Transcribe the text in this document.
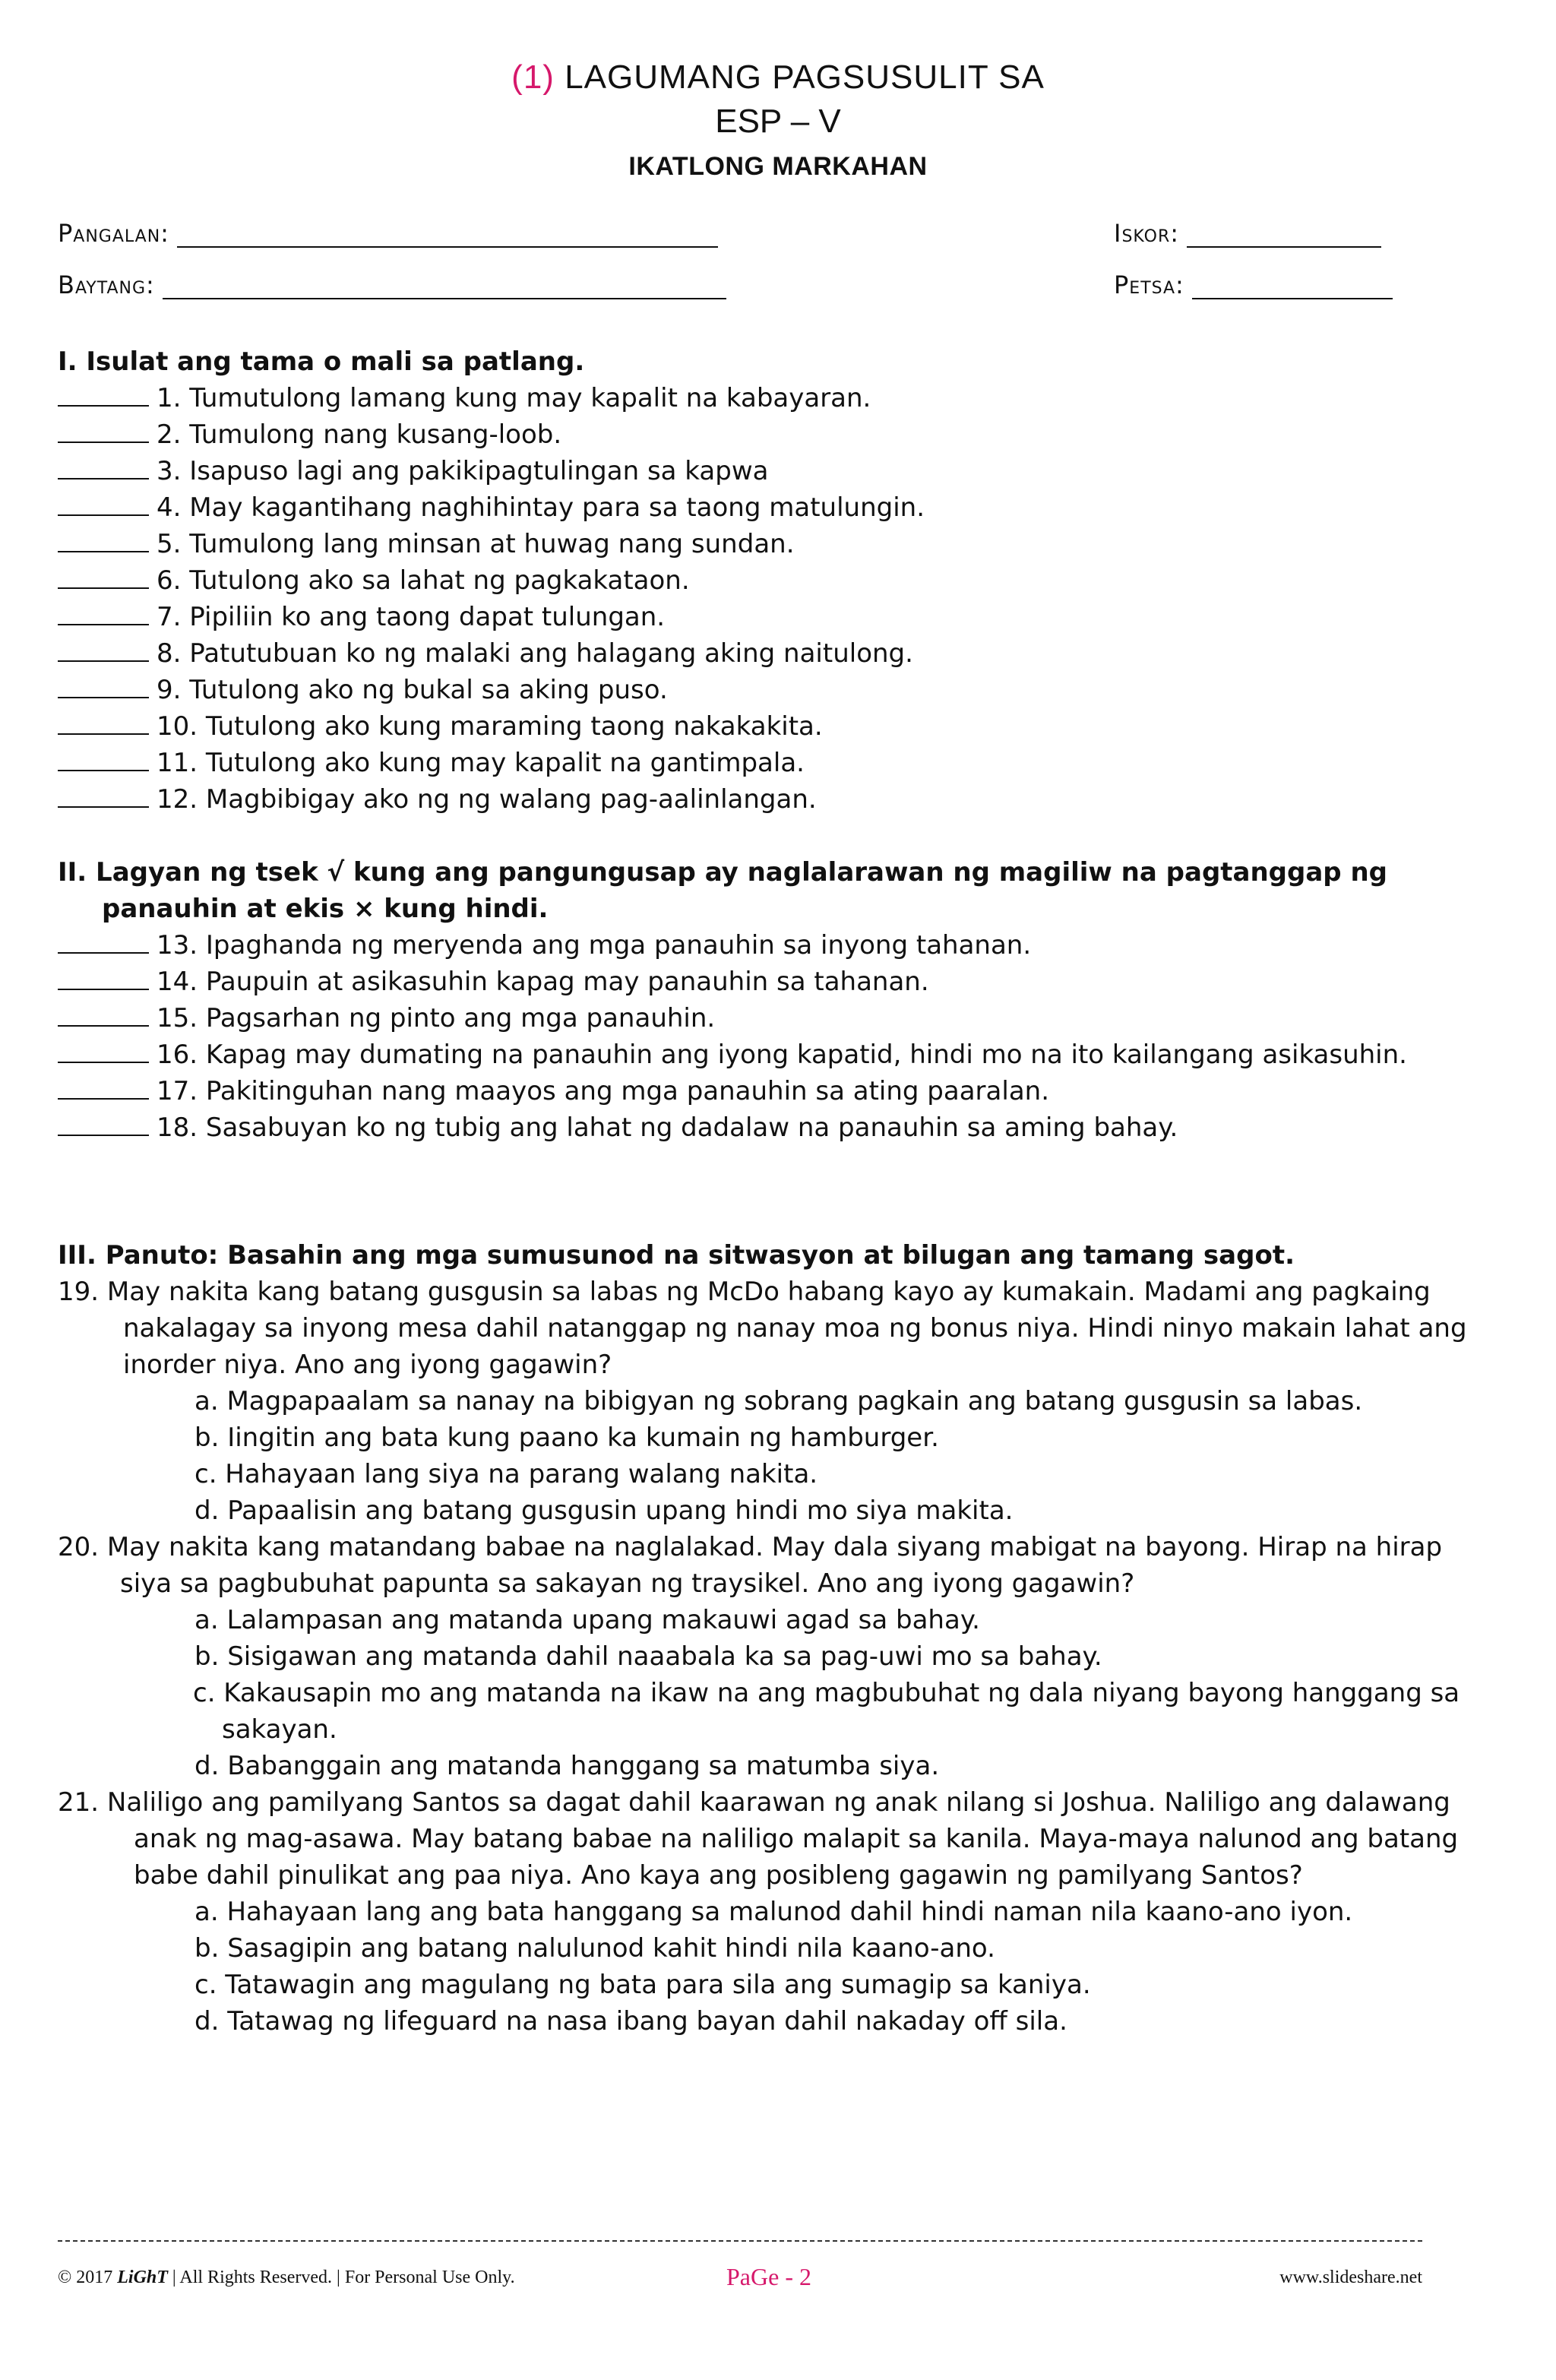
(1) LAGUMANG PAGSUSULIT SA
ESP – V
IKATLONG MARKAHAN
Pangalan:
Baytang:
Iskor:
Petsa:
I. Isulat ang tama o mali sa patlang.
1. Tumutulong lamang kung may kapalit na kabayaran.
2. Tumulong nang kusang-loob.
3. Isapuso lagi ang pakikipagtulingan sa kapwa
4. May kagantihang naghihintay para sa taong matulungin.
5. Tumulong lang minsan at huwag nang sundan.
6. Tutulong ako sa lahat ng pagkakataon.
7. Pipiliin ko ang taong dapat tulungan.
8. Patutubuan ko ng malaki ang halagang aking naitulong.
9. Tutulong ako ng bukal sa aking puso.
10. Tutulong ako kung maraming taong nakakakita.
11. Tutulong ako kung may kapalit na gantimpala.
12. Magbibigay ako ng ng walang pag-aalinlangan.
II. Lagyan ng tsek √ kung ang pangungusap ay naglalarawan ng magiliw na pagtanggap ng panauhin at ekis × kung hindi.
13. Ipaghanda ng meryenda ang mga panauhin sa inyong tahanan.
14. Paupuin at asikasuhin kapag may panauhin sa tahanan.
15. Pagsarhan ng pinto ang mga panauhin.
16. Kapag may dumating na panauhin ang iyong kapatid, hindi mo na ito kailangang asikasuhin.
17. Pakitinguhan nang maayos ang mga panauhin sa ating paaralan.
18. Sasabuyan ko ng tubig ang lahat ng dadalaw na panauhin sa aming bahay.
III. Panuto: Basahin ang mga sumusunod na sitwasyon at bilugan ang tamang sagot.
19. May nakita kang batang gusgusin sa labas ng McDo habang kayo ay kumakain. Madami ang pagkaing nakalagay sa inyong mesa dahil natanggap ng nanay moa ng bonus niya. Hindi ninyo makain lahat ang inorder niya. Ano ang iyong gagawin?
a. Magpapaalam sa nanay na bibigyan ng sobrang pagkain ang batang gusgusin sa labas.
b. Iingitin ang bata kung paano ka kumain ng hamburger.
c. Hahayaan lang siya na parang walang nakita.
d. Papaalisin ang batang gusgusin upang hindi mo siya makita.
20. May nakita kang matandang babae na naglalakad. May dala siyang mabigat na bayong. Hirap na hirap siya sa pagbubuhat papunta sa sakayan ng traysikel. Ano ang iyong gagawin?
a. Lalampasan ang matanda upang makauwi agad sa bahay.
b. Sisigawan ang matanda dahil naaabala ka sa pag-uwi mo sa bahay.
c. Kakausapin mo ang matanda na ikaw na ang magbubuhat ng dala niyang bayong hanggang sa sakayan.
d. Babanggain ang matanda hanggang sa matumba siya.
21. Naliligo ang pamilyang Santos sa dagat dahil kaarawan ng anak nilang si Joshua. Naliligo ang dalawang anak ng mag-asawa. May batang babae na naliligo malapit sa kanila. Maya-maya nalunod ang batang babe dahil pinulikat ang paa niya. Ano kaya ang posibleng gagawin ng pamilyang Santos?
a. Hahayaan lang ang bata hanggang sa malunod dahil hindi naman nila kaano-ano iyon.
b. Sasagipin ang batang nalulunod kahit hindi nila kaano-ano.
c. Tatawagin ang magulang ng bata para sila ang sumagip sa kaniya.
d. Tatawag ng lifeguard na nasa ibang bayan dahil nakaday off sila.
© 2017 LiGhT | All Rights Reserved. | For Personal Use Only.	PaGe - 2	www.slideshare.net
